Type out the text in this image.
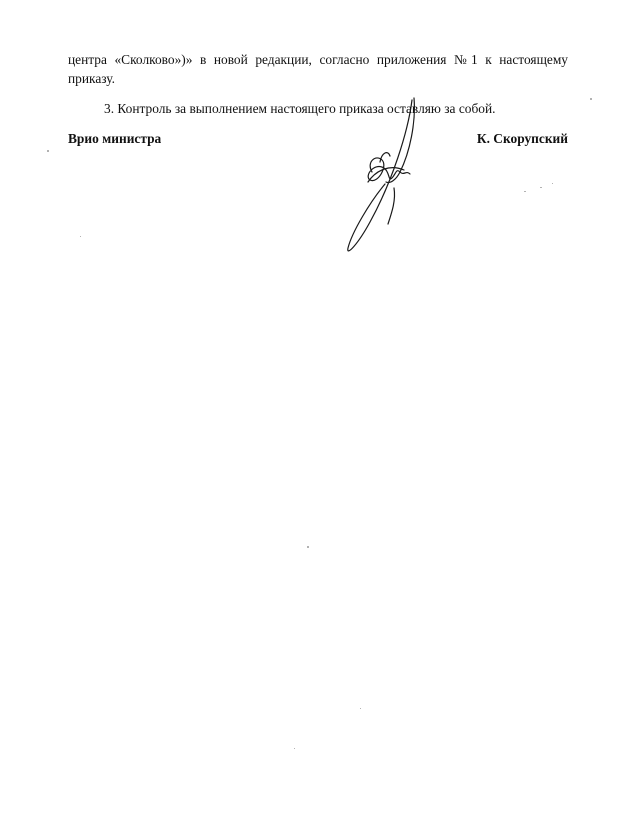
центра «Сколково»)» в новой редакции, согласно приложения №1 к настоящему
приказу.
3. Контроль за выполнением настоящего приказа оставляю за собой.
Врио министра	К. Скорупский
